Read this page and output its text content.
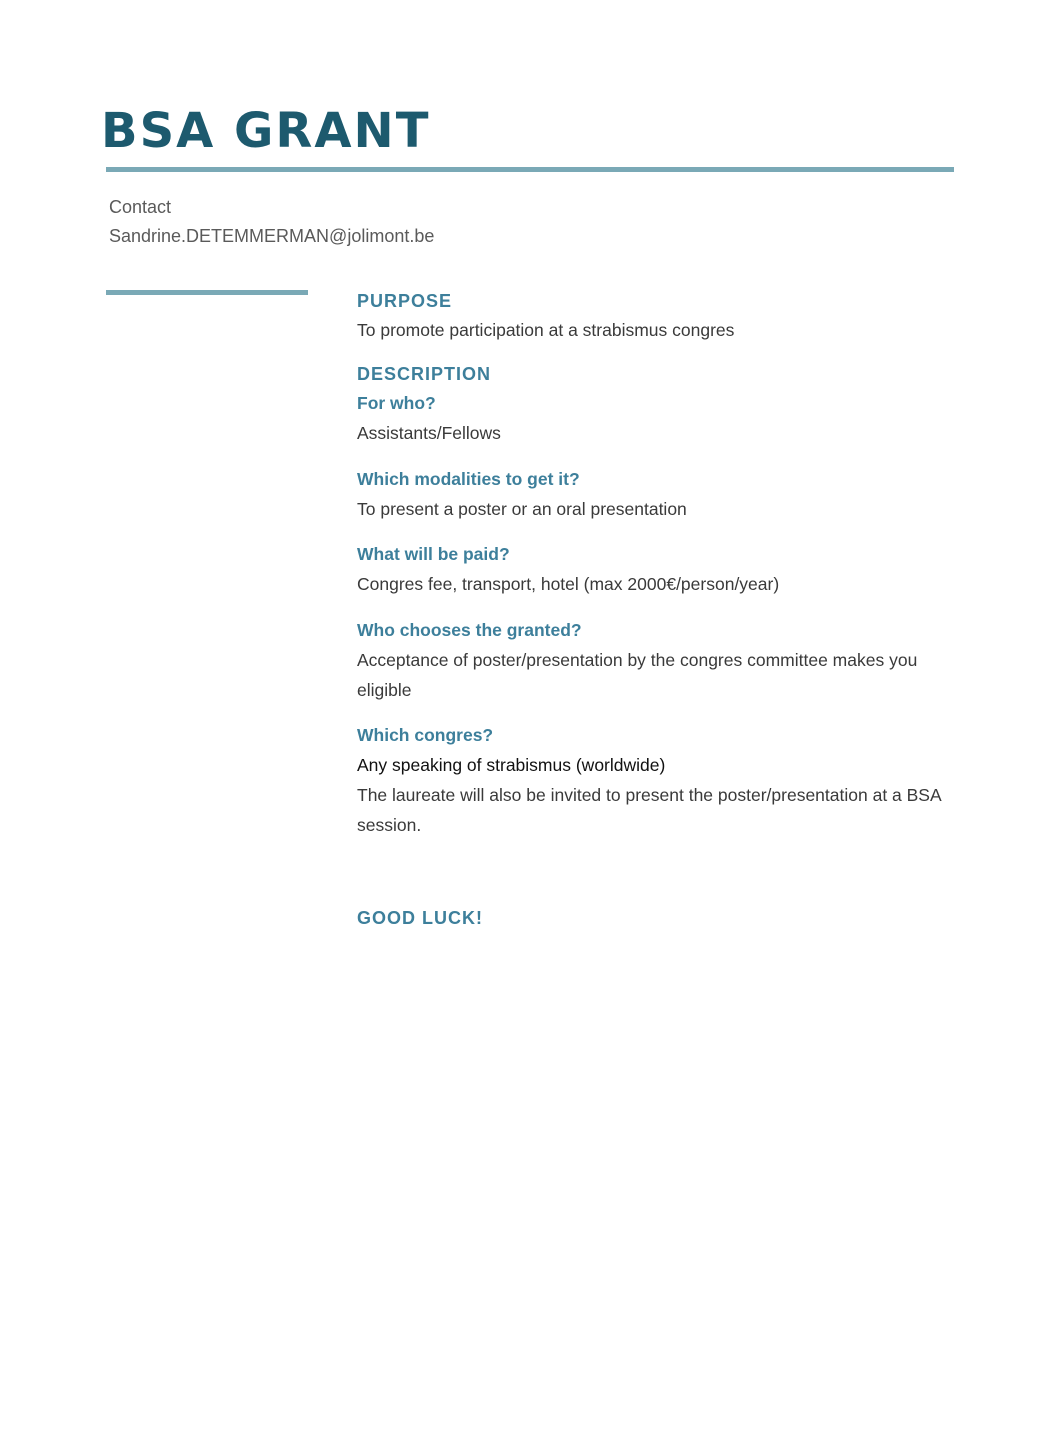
BSA GRANT
Contact
Sandrine.DETEMMERMAN@jolimont.be
PURPOSE

To promote participation at a strabismus congres

DESCRIPTION
For who?

Assistants/Fellows

Which modalities to get it?

To present a poster or an oral presentation

What will be paid?

Congres fee, transport, hotel (max 2000€/person/year)

Who chooses the granted?

Acceptance of poster/presentation by the congres committee makes you eligible

Which congres?

Any speaking of strabismus (worldwide)

The laureate will also be invited to present the poster/presentation at a BSA session.

GOOD LUCK!
